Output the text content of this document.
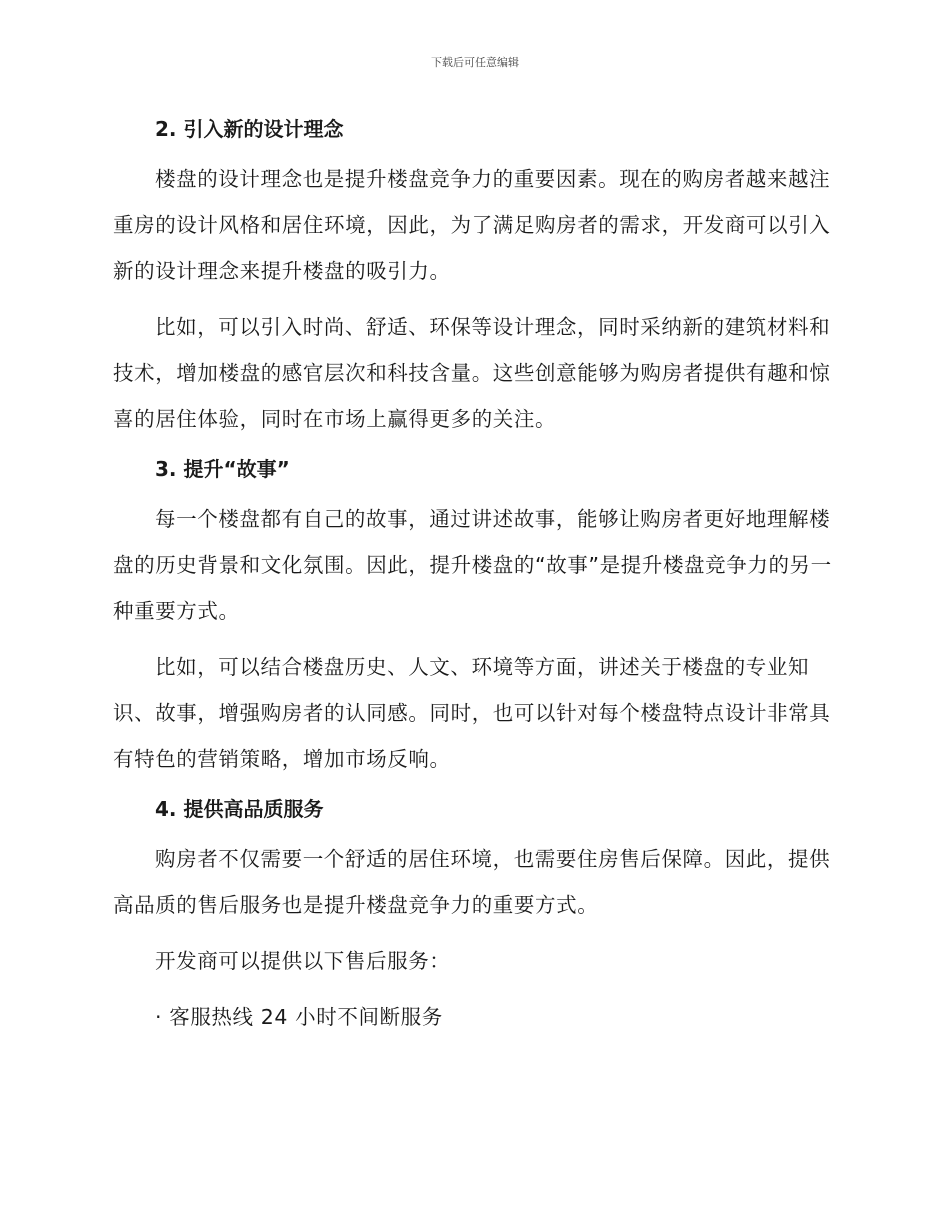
下载后可任意编辑
2. 引入新的设计理念

楼盘的设计理念也是提升楼盘竞争力的重要因素。现在的购房者越来越注重房的设计风格和居住环境，因此，为了满足购房者的需求，开发商可以引入新的设计理念来提升楼盘的吸引力。

比如，可以引入时尚、舒适、环保等设计理念，同时采纳新的建筑材料和技术，增加楼盘的感官层次和科技含量。这些创意能够为购房者提供有趣和惊喜的居住体验，同时在市场上赢得更多的关注。

3. 提升“故事”

每一个楼盘都有自己的故事，通过讲述故事，能够让购房者更好地理解楼盘的历史背景和文化氛围。因此，提升楼盘的“故事”是提升楼盘竞争力的另一种重要方式。

比如，可以结合楼盘历史、人文、环境等方面，讲述关于楼盘的专业知识、故事，增强购房者的认同感。同时，也可以针对每个楼盘特点设计非常具有特色的营销策略，增加市场反响。

4. 提供高品质服务

购房者不仅需要一个舒适的居住环境，也需要住房售后保障。因此，提供高品质的售后服务也是提升楼盘竞争力的重要方式。

开发商可以提供以下售后服务：

· 客服热线 24 小时不间断服务
